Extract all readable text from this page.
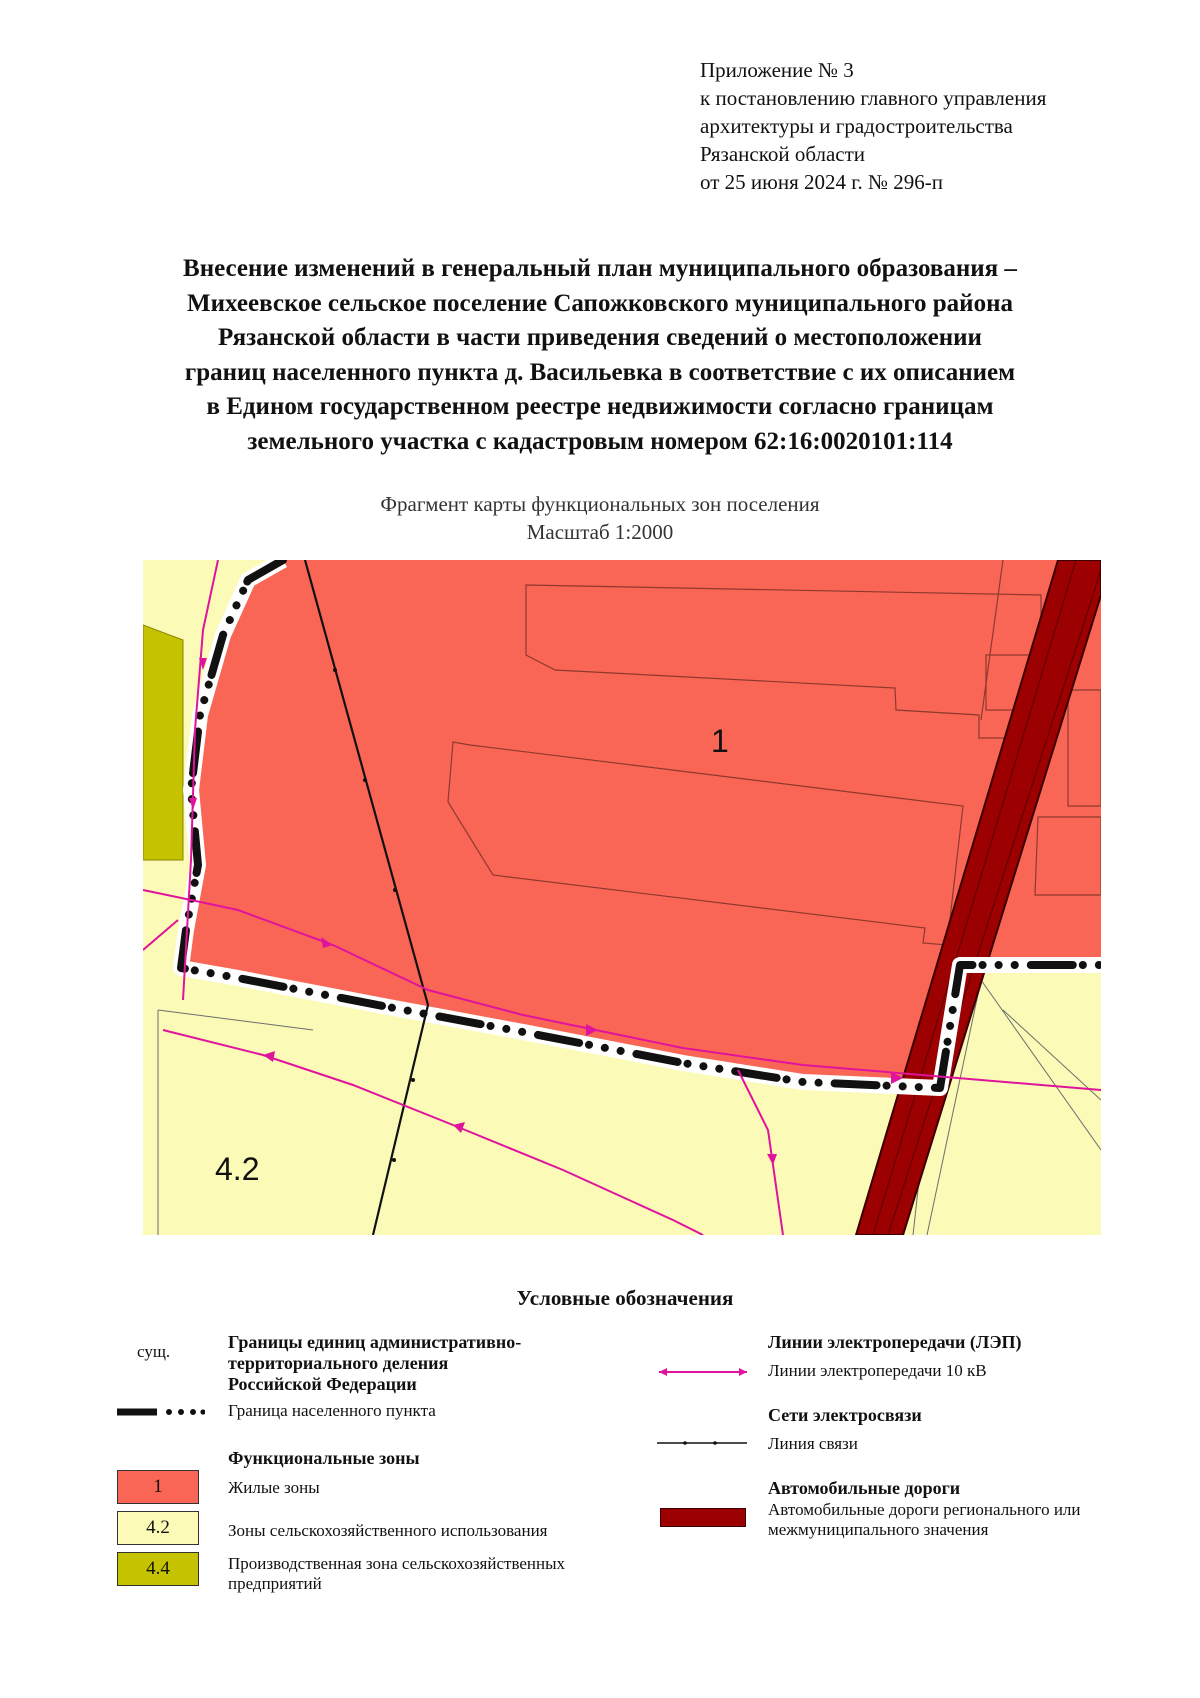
Приложение № 3
к постановлению главного управления
архитектуры и градостроительства
Рязанской области
от 25 июня 2024 г. № 296-п
Внесение изменений в генеральный план муниципального образования –
Михеевское сельское поселение Сапожковского муниципального района
Рязанской области в части приведения сведений о местоположении
границ населенного пункта д. Васильевка в соответствие с их описанием
в Едином государственном реестре недвижимости согласно границам
земельного участка с кадастровым номером 62:16:0020101:114
Фрагмент карты функциональных зон поселения
Масштаб 1:2000
1
4.2
Условные обозначения
сущ.	Границы единиц административно-
территориального деления
Российской Федерации
Граница населенного пункта
Функциональные зоны
1	Жилые зоны
4.2	Зоны сельскохозяйственного использования
4.4	Производственная зона сельскохозяйственных
предприятий
Линии электропередачи (ЛЭП)
Линии электропередачи 10 кВ
Сети электросвязи
Линия связи
Автомобильные дороги
Автомобильные дороги регионального или
межмуниципального значения
